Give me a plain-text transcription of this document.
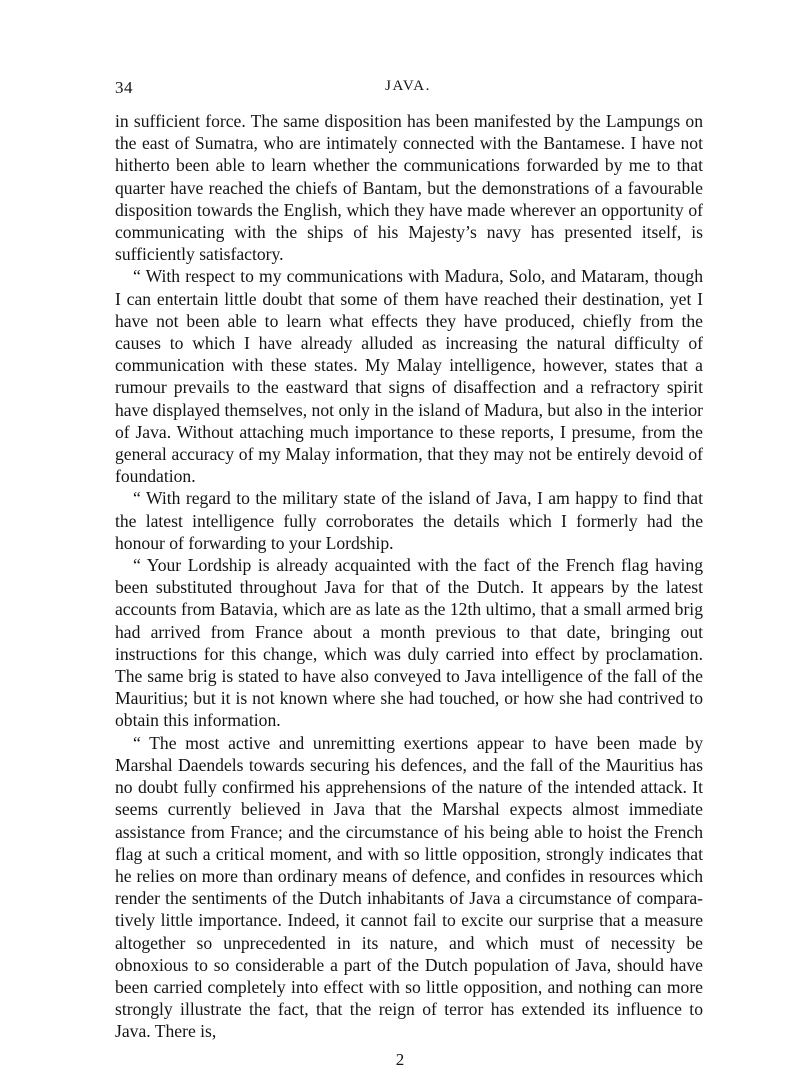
34	JAVA.

in sufficient force. The same disposition has been manifested by the Lampungs on the east of Sumatra, who are intimately connected with the Bantamese. I have not hitherto been able to learn whether the communications forwarded by me to that quarter have reached the chiefs of Bantam, but the demonstrations of a favourable disposition towards the English, which they have made wherever an opportunity of communicating with the ships of his Majesty’s navy has presented itself, is sufficiently satisfactory.

“ With respect to my communications with Madura, Solo, and Mataram, though I can entertain little doubt that some of them have reached their destination, yet I have not been able to learn what effects they have produced, chiefly from the causes to which I have already alluded as increasing the natural difficulty of communication with these states. My Malay intelligence, however, states that a rumour prevails to the eastward that signs of disaffection and a refractory spirit have displayed themselves, not only in the island of Madura, but also in the interior of Java. Without attaching much importance to these reports, I presume, from the general accuracy of my Malay information, that they may not be entirely devoid of foundation.

“ With regard to the military state of the island of Java, I am happy to find that the latest intelligence fully corroborates the details which I formerly had the honour of forwarding to your Lordship.

“ Your Lordship is already acquainted with the fact of the French flag having been substituted throughout Java for that of the Dutch. It appears by the latest accounts from Batavia, which are as late as the 12th ultimo, that a small armed brig had arrived from France about a month previous to that date, bringing out instructions for this change, which was duly carried into effect by proclamation. The same brig is stated to have also conveyed to Java intelligence of the fall of the Mauritius; but it is not known where she had touched, or how she had contrived to obtain this information.

“ The most active and unremitting exertions appear to have been made by Marshal Daendels towards securing his defences, and the fall of the Mauritius has no doubt fully confirmed his apprehensions of the nature of the intended attack. It seems currently believed in Java that the Marshal expects almost immediate assistance from France; and the circumstance of his being able to hoist the French flag at such a critical moment, and with so little opposition, strongly indicates that he relies on more than ordinary means of defence, and confides in resources which render the sentiments of the Dutch inhabitants of Java a circumstance of comparatively little importance. Indeed, it cannot fail to excite our surprise that a measure altogether so unprecedented in its nature, and which must of necessity be obnoxious to so considerable a part of the Dutch population of Java, should have been carried completely into effect with so little opposition, and nothing can more strongly illustrate the fact, that the reign of terror has extended its influence to Java. There is,

2
